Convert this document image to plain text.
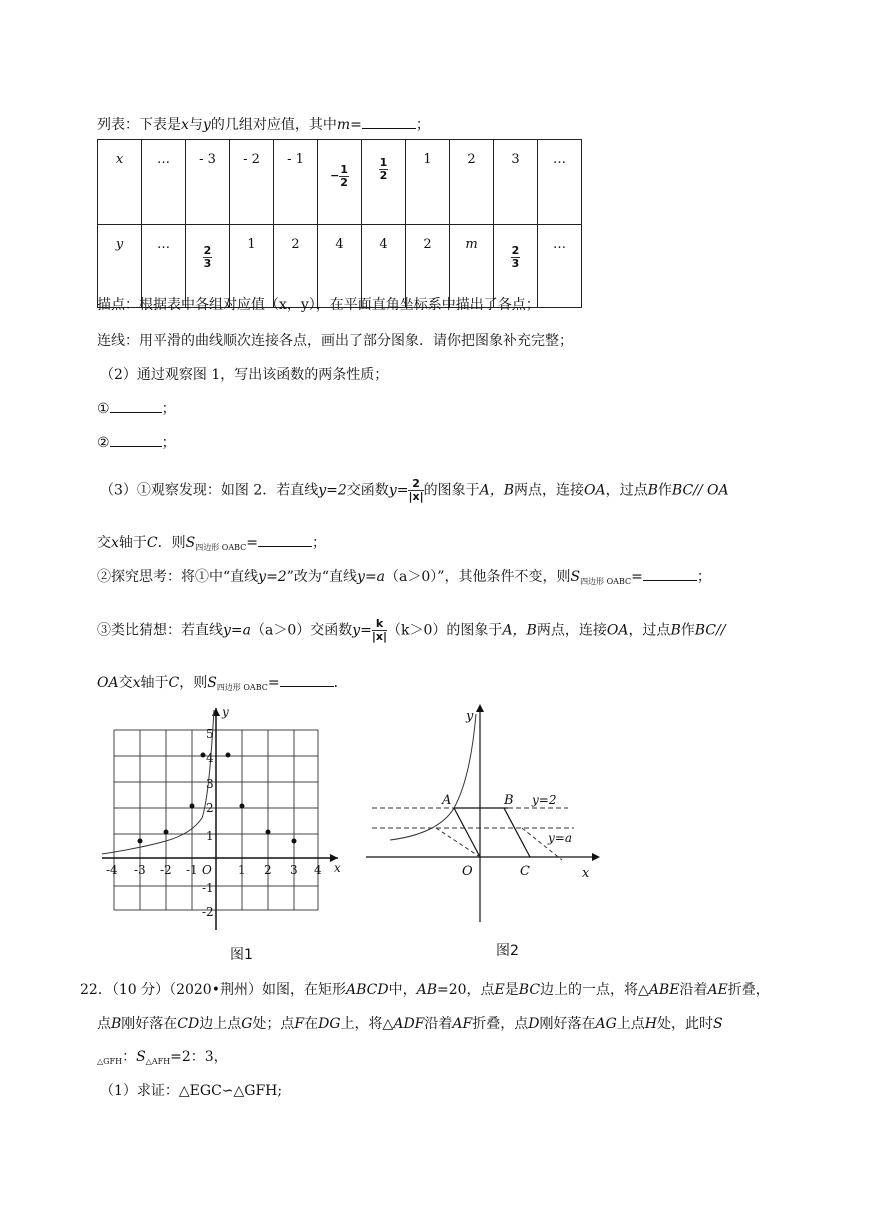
列表：下表是x与y的几组对应值，其中m=	；
x	…	- 3	- 2	- 1	− $\frac{1}{2}$	$\frac{1}{2}$	1	2	3	…
y	…	$\frac{2}{3}$	1	2	4	4	2	m	$\frac{2}{3}$	…
描点：根据表中各组对应值（x，y），在平面直角坐标系中描出了各点；
连线：用平滑的曲线顺次连接各点，画出了部分图象．请你把图象补充完整；
（2）通过观察图 1，写出该函数的两条性质；
①	；
②	；
（3）①观察发现：如图 2．若直线y=2交函数$y= \frac{2}{|x|}$ 的图象于A，B两点，连接OA，过点B作BC// OA
交x轴于C．则$S_{四边形 OABC}=$	；
②探究思考：将①中“直线y=2”改为“直线y=a（a＞0）”，其他条件不变，则$S_{四边形 OABC}=$	；
③类比猜想：若直线y=a（a＞0）交函数$y= \frac{k}{|x|} (k>0)$的图象于A，B两点，连接OA，过点B作BC//
OA交x轴于C，则$S_{四边形 OABC}=$	．
y
x
-4 -3 -2 -1 O 1 2 3 4
5
4
3
2
1
-1
-2
图1
y
A	B y=2
y=a
O	C	x
图2
22．（10 分）（2020•荆州）如图，在矩形ABCD中，AB=20，点E是BC边上的一点，将△ABE沿着AE折叠，
点B刚好落在CD边上点G处；点F在DG上，将△ADF沿着AF折叠，点D刚好落在AG上点H处，此时S
$_{\triangle GFH}$：$S_{\triangle AFH}=2$：3，
（1）求证：△EGC∽△GFH;
